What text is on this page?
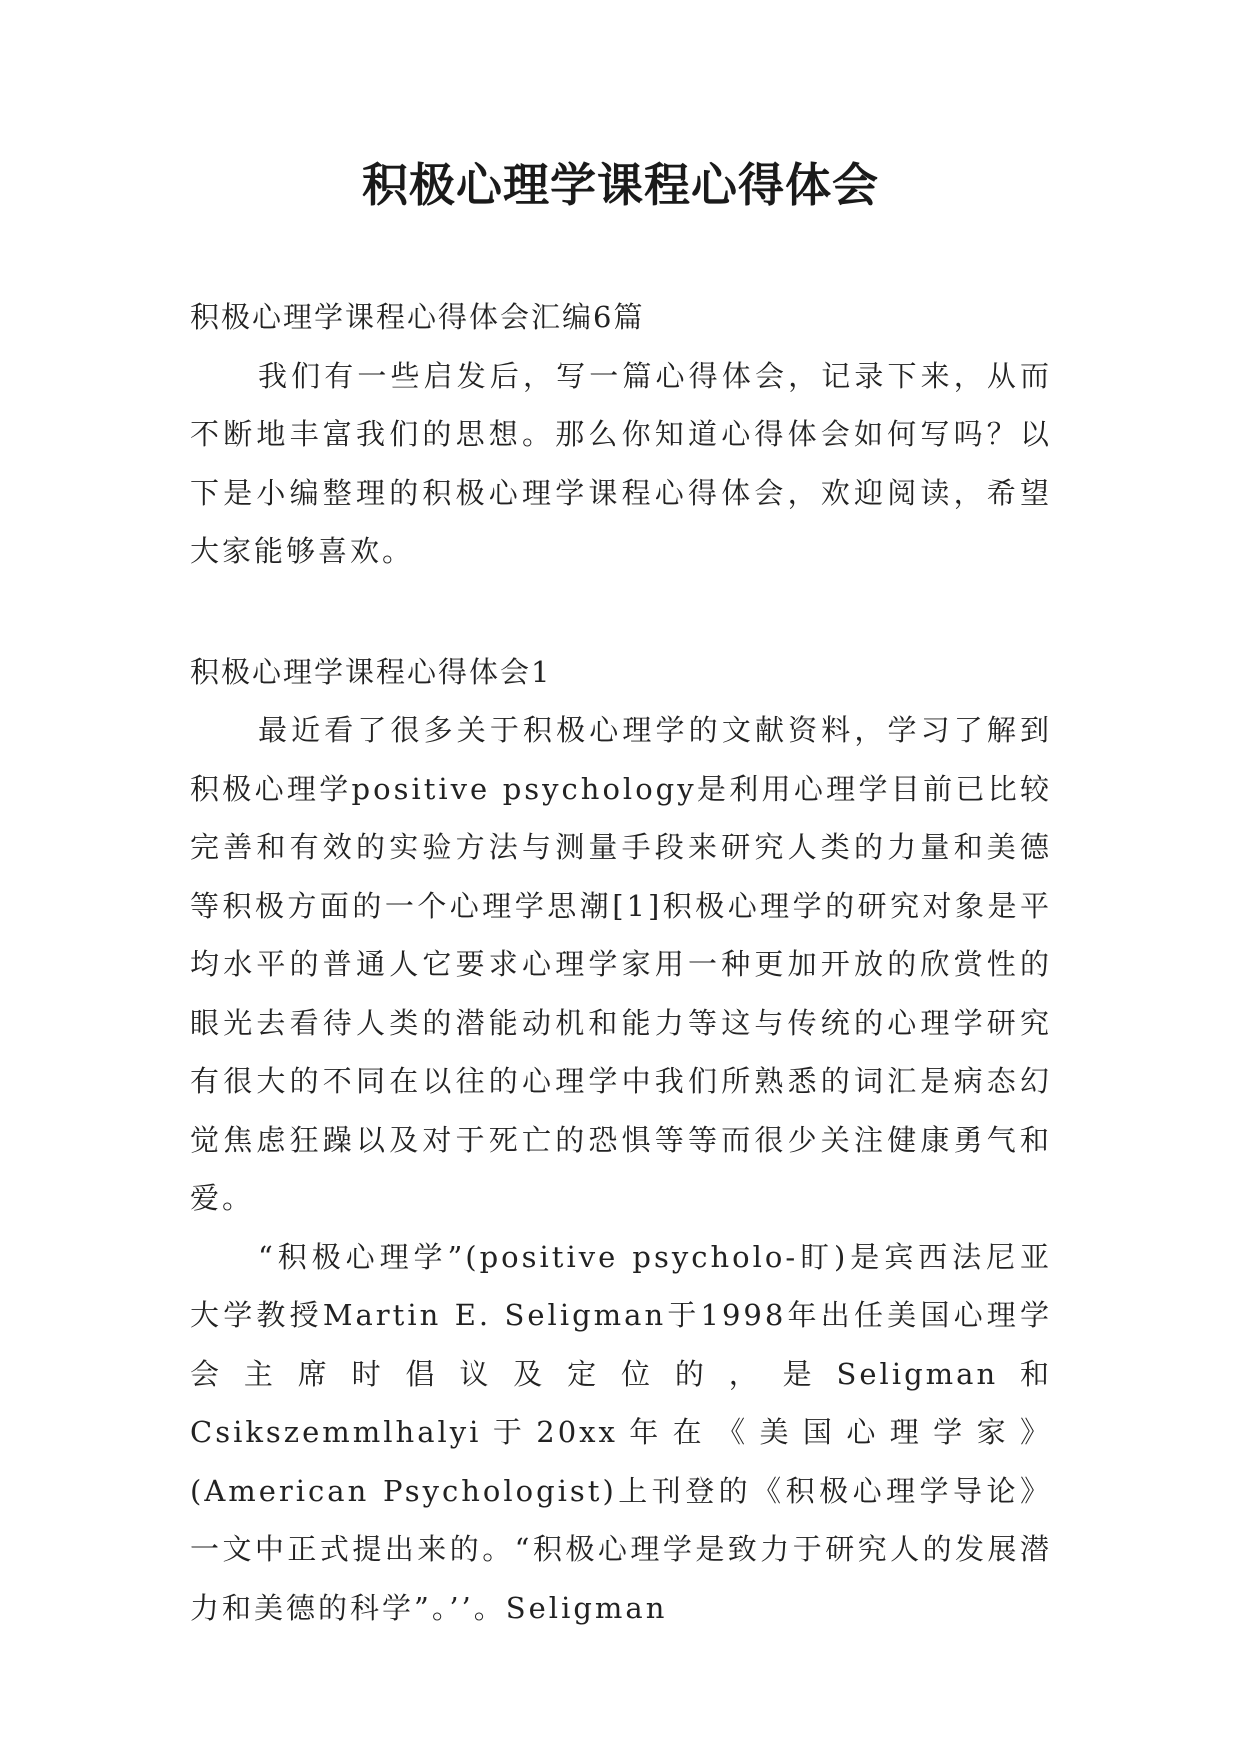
积极心理学课程心得体会

积极心理学课程心得体会汇编6篇

我们有一些启发后，写一篇心得体会，记录下来，从而不断地丰富我们的思想。那么你知道心得体会如何写吗？以下是小编整理的积极心理学课程心得体会，欢迎阅读，希望大家能够喜欢。

积极心理学课程心得体会1

最近看了很多关于积极心理学的文献资料，学习了解到积极心理学positive psychology是利用心理学目前已比较完善和有效的实验方法与测量手段来研究人类的力量和美德等积极方面的一个心理学思潮[1]积极心理学的研究对象是平均水平的普通人它要求心理学家用一种更加开放的欣赏性的眼光去看待人类的潜能动机和能力等这与传统的心理学研究有很大的不同在以往的心理学中我们所熟悉的词汇是病态幻觉焦虑狂躁以及对于死亡的恐惧等等而很少关注健康勇气和爱。

“积极心理学”(positive psycholo-盯)是宾西法尼亚大学教授Martin E. Seligman于1998年出任美国心理学会主席时倡议及定位的，是Seligman和Csikszemmlhalyi于20xx年在《美国心理学家》(American Psychologist)上刊登的《积极心理学导论》一文中正式提出来的。“积极心理学是致力于研究人的发展潜力和美德的科学”。’’。Seligman
